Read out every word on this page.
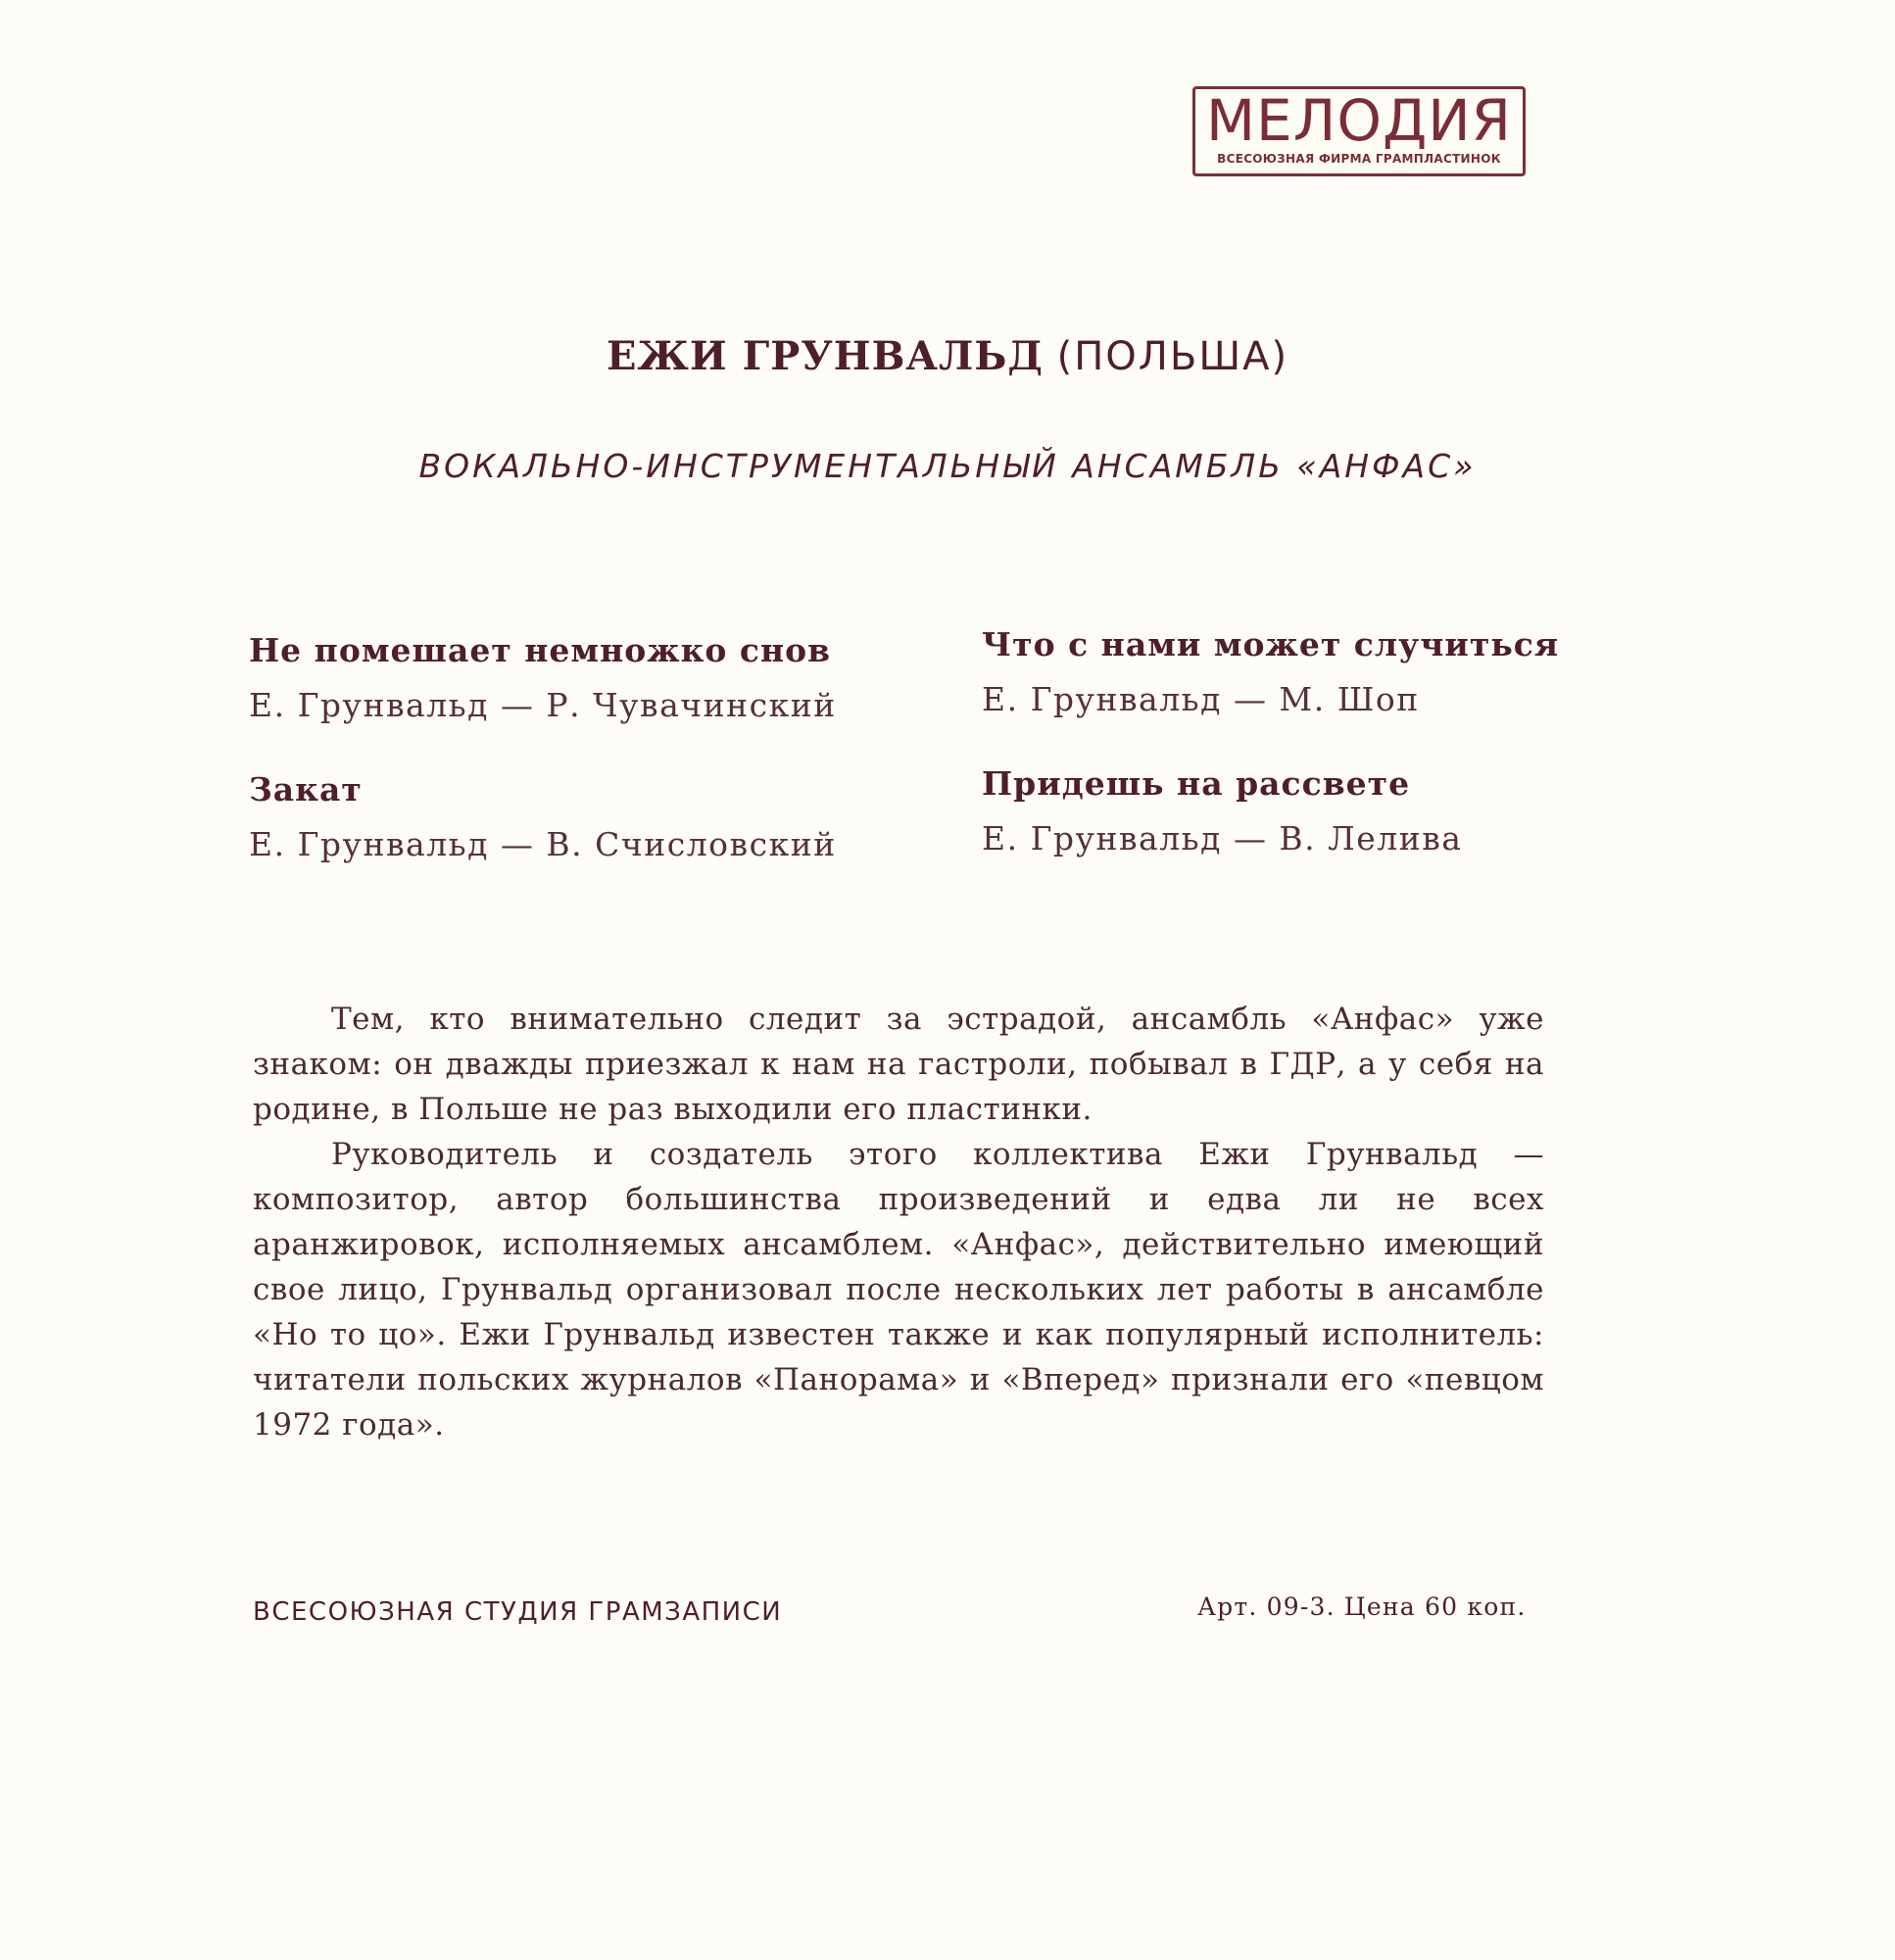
МЕЛОДИЯ
ВСЕСОЮЗНАЯ ФИРМА ГРАМПЛАСТИНОК
ЕЖИ ГРУНВАЛЬД (ПОЛЬША)
ВОКАЛЬНО-ИНСТРУМЕНТАЛЬНЫЙ АНСАМБЛЬ «АНФАС»
Не помешает немножко снов
Е. Грунвальд — Р. Чувачинский
Закат
Е. Грунвальд — В. Счисловский
Что с нами может случиться
Е. Грунвальд — М. Шоп
Придешь на рассвете
Е. Грунвальд — В. Лелива

Тем, кто внимательно следит за эстрадой, ансамбль «Анфас» уже знаком: он дважды приезжал к нам на гастроли, побывал в ГДР, а у себя на родине, в Польше не раз выходили его пластинки.

Руководитель и создатель этого коллектива Ежи Грунвальд — композитор, автор большинства произведений и едва ли не всех аранжировок, исполняемых ансамблем. «Анфас», действительно имеющий свое лицо, Грунвальд организовал после нескольких лет работы в ансамбле «Но то цо». Ежи Грунвальд известен также и как популярный исполнитель: читатели польских журналов «Панорама» и «Вперед» признали его «певцом 1972 года».

ВСЕСОЮЗНАЯ СТУДИЯ ГРАМЗАПИСИ	Арт. 09-3. Цена 60 коп.
